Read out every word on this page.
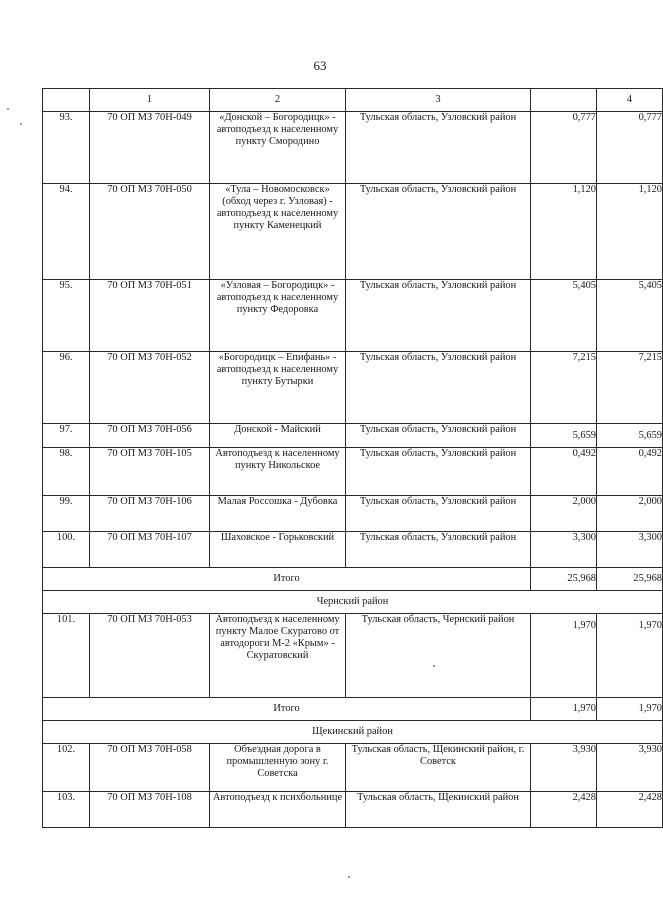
63
	1	2	3		4
93.	70 ОП МЗ 70Н-049	«Донской – Богородицк» - автоподъезд к населенному пункту Смородино	Тульская область, Узловский район	0,777	0,777
94.	70 ОП МЗ 70Н-050	«Тула – Новомосковск» (обход через г. Узловая) - автоподъезд к населенному пункту Каменецкий	Тульская область, Узловский район	1,120	1,120
95.	70 ОП МЗ 70Н-051	«Узловая – Богородицк» - автоподъезд к населенному пункту Федоровка	Тульская область, Узловский район	5,405	5,405
96.	70 ОП МЗ 70Н-052	«Богородицк – Епифань» - автоподъезд к населенному пункту Бутырки	Тульская область, Узловский район	7,215	7,215
97.	70 ОП МЗ 70Н-056	Донской - Майский	Тульская область, Узловский район	5,659	5,659
98.	70 ОП МЗ 70Н-105	Автоподъезд к населенному пункту Никольское	Тульская область, Узловский район	0,492	0,492
99.	70 ОП МЗ 70Н-106	Малая Россошка - Дубовка	Тульская область, Узловский район	2,000	2,000
100.	70 ОП МЗ 70Н-107	Шаховское - Горьковский	Тульская область, Узловский район	3,300	3,300
Итого				25,968	25,968
Чернский район					
101.	70 ОП МЗ 70Н-053	Автоподъезд к населенному пункту Малое Скуратово от автодороги М-2 «Крым» - Скуратовский	Тульская область, Чернский район	1,970	1,970
Итого				1,970	1,970
Щекинский район					
102.	70 ОП МЗ 70Н-058	Объездная дорога в промышленную зону г. Советска	Тульская область, Щекинский район, г. Советск	3,930	3,930
103.	70 ОП МЗ 70Н-108	Автоподъезд к психбольнице	Тульская область, Щекинский район	2,428	2,428
